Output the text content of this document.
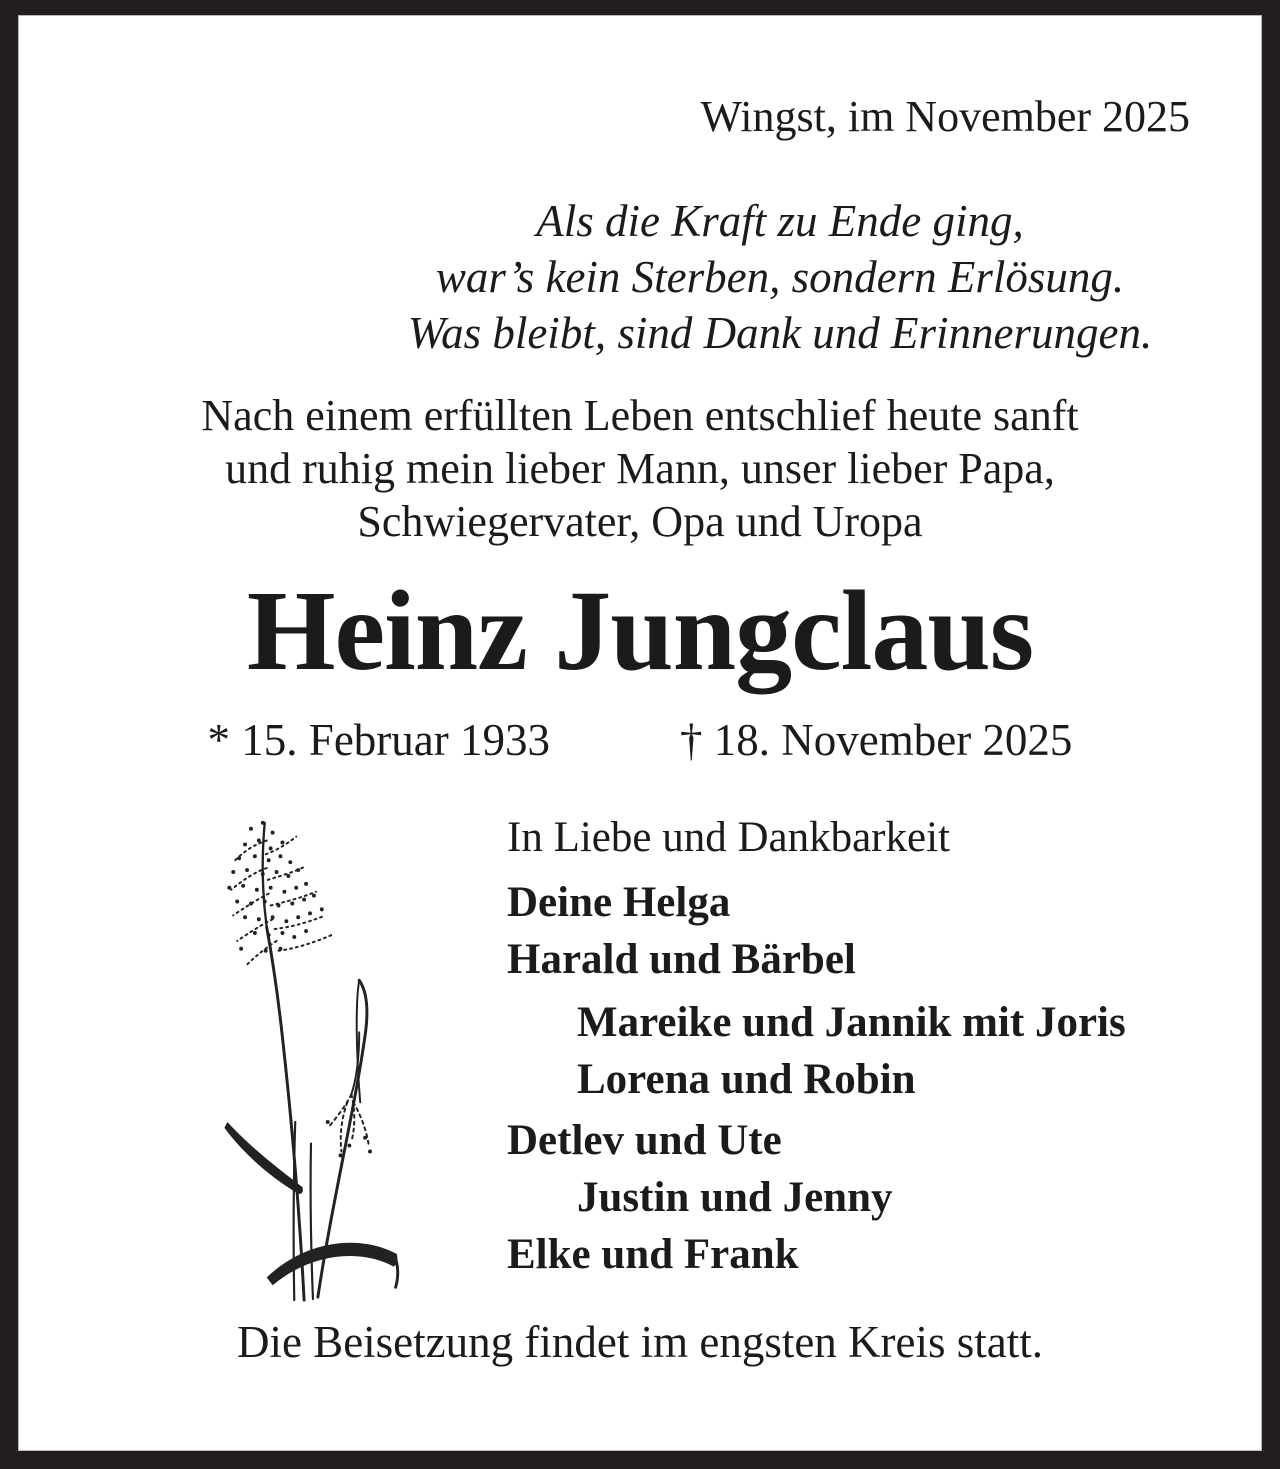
Wingst, im November 2025
Als die Kraft zu Ende ging,
war’s kein Sterben, sondern Erlösung.
Was bleibt, sind Dank und Erinnerungen.
Nach einem erfüllten Leben entschlief heute sanft
und ruhig mein lieber Mann, unser lieber Papa,
Schwiegervater, Opa und Uropa
Heinz Jungclaus
* 15. Februar 1933	† 18. November 2025
In Liebe und Dankbarkeit
Deine Helga
Harald und Bärbel
Mareike und Jannik mit Joris
Lorena und Robin
Detlev und Ute
Justin und Jenny
Elke und Frank
Die Beisetzung findet im engsten Kreis statt.
